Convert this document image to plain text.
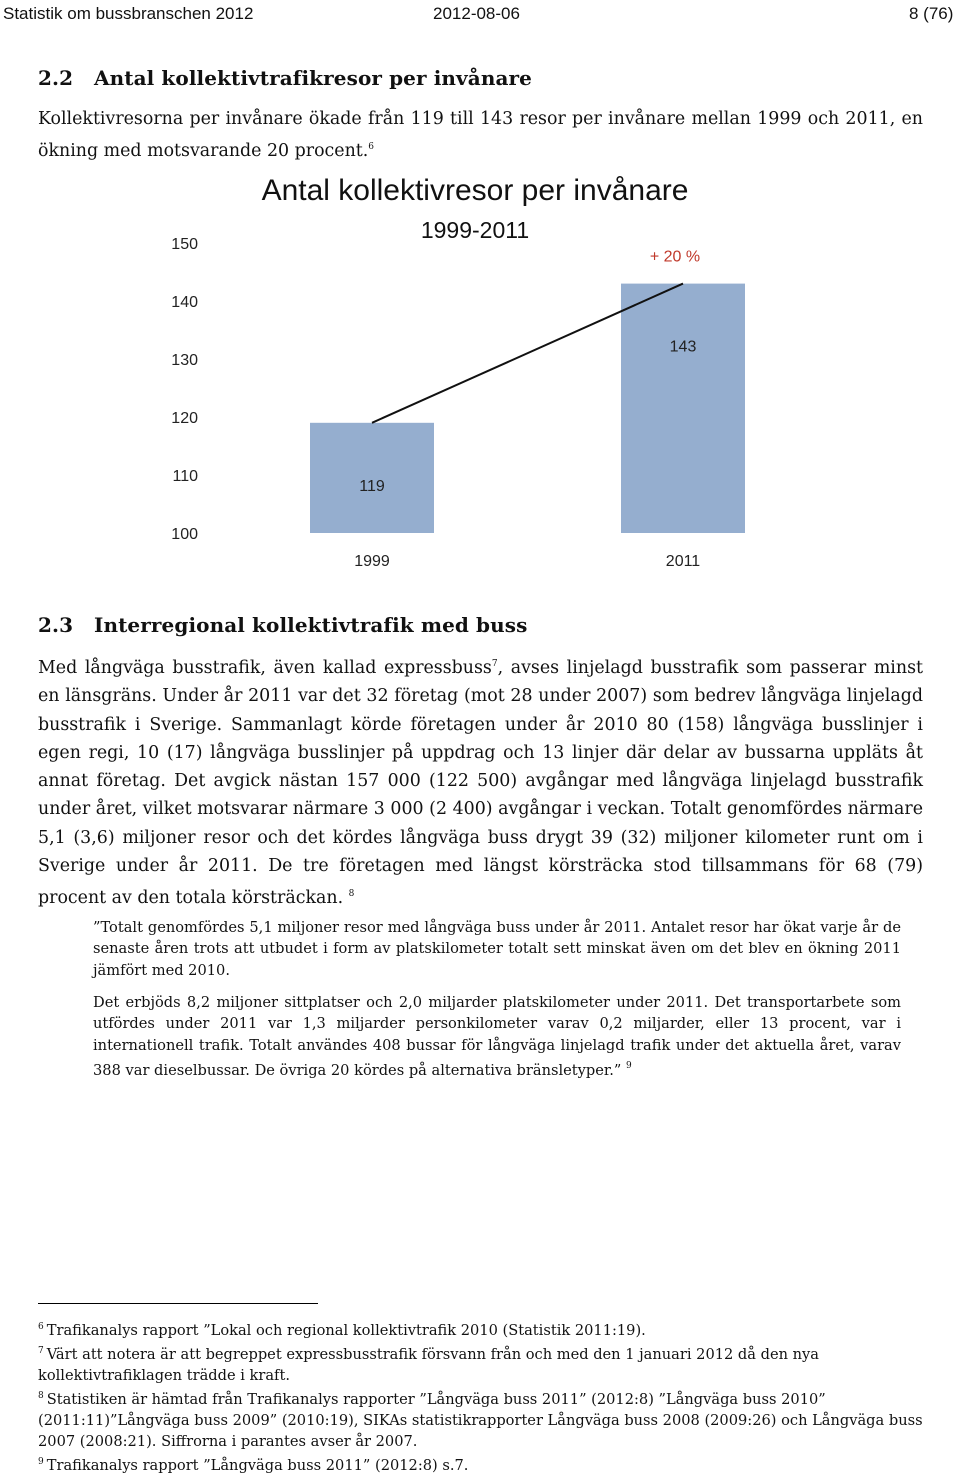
Statistik om bussbranschen 2012	2012-08-06	8 (76)
2.2 Antal kollektivtrafikresor per invånare
Kollektivresorna per invånare ökade från 119 till 143 resor per invånare mellan 1999 och 2011, en ökning med motsvarande 20 procent.$^6$
Antal kollektivresor per invånare
1999-2011
100
110
120
130
140
150
119
143
+ 20 %
1999	2011
2.3 Interregional kollektivtrafik med buss
Med långväga busstrafik, även kallad expressbuss$^7$, avses linjelagd busstrafik som passerar minst en länsgräns. Under år 2011 var det 32 företag (mot 28 under 2007) som bedrev långväga linjelagd busstrafik i Sverige. Sammanlagt körde företagen under år 2010 80 (158) långväga busslinjer i egen regi, 10 (17) långväga busslinjer på uppdrag och 13 linjer där delar av bussarna uppläts åt annat företag. Det avgick nästan 157 000 (122 500) avgångar med långväga linjelagd busstrafik under året, vilket motsvarar närmare 3 000 (2 400) avgångar i veckan. Totalt genomfördes närmare 5,1 (3,6) miljoner resor och det kördes långväga buss drygt 39 (32) miljoner kilometer runt om i Sverige under år 2011. De tre företagen med längst körsträcka stod tillsammans för 68 (79) procent av den totala körsträckan. $^8$
”Totalt genomfördes 5,1 miljoner resor med långväga buss under år 2011. Antalet resor har ökat varje år de senaste åren trots att utbudet i form av platskilometer totalt sett minskat även om det blev en ökning 2011 jämfört med 2010.
Det erbjöds 8,2 miljoner sittplatser och 2,0 miljarder platskilometer under 2011. Det transportarbete som utfördes under 2011 var 1,3 miljarder personkilometer varav 0,2 miljarder, eller 13 procent, var i internationell trafik. Totalt användes 408 bussar för långväga linjelagd trafik under det aktuella året, varav 388 var dieselbussar. De övriga 20 kördes på alternativa bränsletyper.” $^9$

$^6$ Trafikanalys rapport ”Lokal och regional kollektivtrafik 2010 (Statistik 2011:19).

$^7$ Värt att notera är att begreppet expressbusstrafik försvann från och med den 1 januari 2012 då den nya kollektivtrafiklagen trädde i kraft.

$^8$ Statistiken är hämtad från Trafikanalys rapporter ”Långväga buss 2011” (2012:8) ”Långväga buss 2010” (2011:11)”Långväga buss 2009” (2010:19), SIKAs statistikrapporter Långväga buss 2008 (2009:26) och Långväga buss 2007 (2008:21). Siffrorna i parantes avser år 2007.

$^9$ Trafikanalys rapport ”Långväga buss 2011” (2012:8) s.7.
